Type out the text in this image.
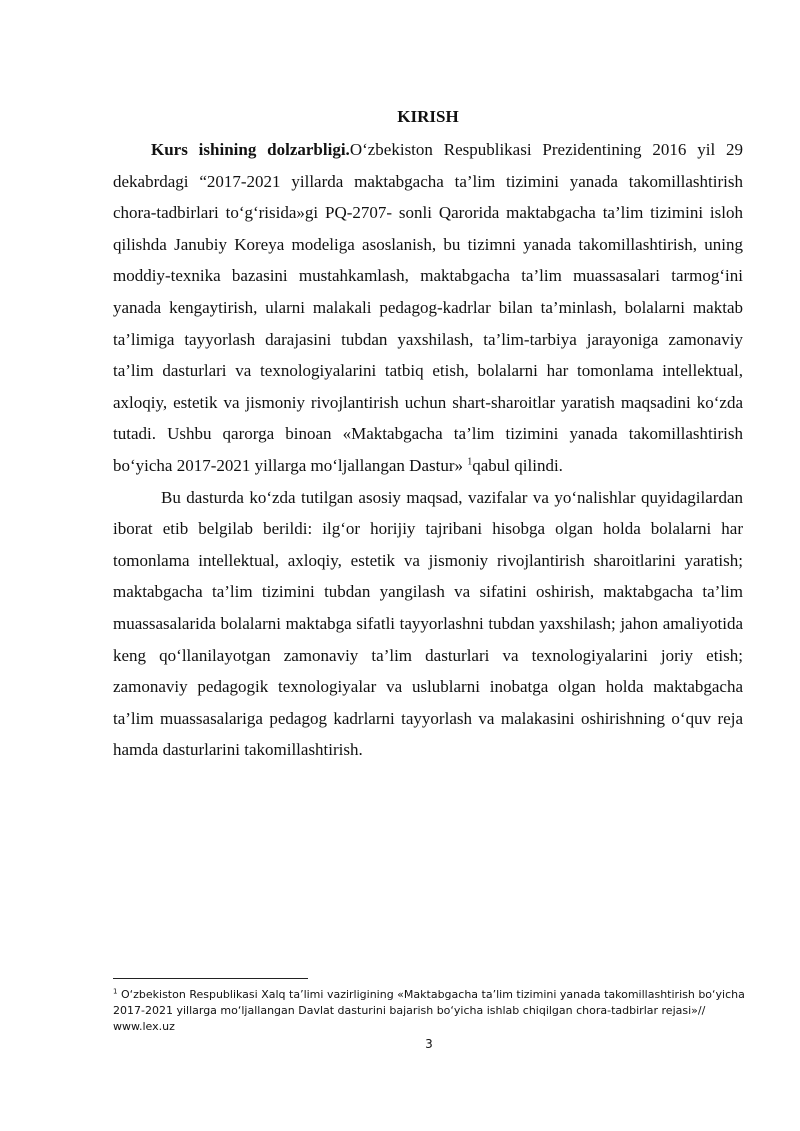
KIRISH

Kurs ishining dolzarbligi.O‘zbekiston Respublikasi Prezidentining 2016 yil 29 dekabrdagi “2017-2021 yillarda maktabgacha ta’lim tizimini yanada takomillashtirish chora-tadbirlari to‘g‘risida»gi PQ-2707- sonli Qarorida maktabgacha ta’lim tizimini isloh qilishda Janubiy Koreya modeliga asoslanish, bu tizimni yanada takomillashtirish, uning moddiy-texnika bazasini mustahkamlash, maktabgacha ta’lim muassasalari tarmog‘ini yanada kengaytirish, ularni malakali pedagog-kadrlar bilan ta’minlash, bolalarni maktab ta’limiga tayyorlash darajasini tubdan yaxshilash, ta’lim-tarbiya jarayoniga zamonaviy ta’lim dasturlari va texnologiyalarini tatbiq etish, bolalarni har tomonlama intellektual, axloqiy, estetik va jismoniy rivojlantirish uchun shart-sharoitlar yaratish maqsadini ko‘zda tutadi. Ushbu qarorga binoan «Maktabgacha ta’lim tizimini yanada takomillashtirish bo‘yicha 2017-2021 yillarga mo‘ljallangan Dastur» $^1$qabul qilindi.

Bu dasturda ko‘zda tutilgan asosiy maqsad, vazifalar va yo‘nalishlar quyidagilardan iborat etib belgilab berildi: ilg‘or horijiy tajribani hisobga olgan holda bolalarni har tomonlama intellektual, axloqiy, estetik va jismoniy rivojlantirish sharoitlarini yaratish; maktabgacha ta’lim tizimini tubdan yangilash va sifatini oshirish, maktabgacha ta’lim muassasalarida bolalarni maktabga sifatli tayyorlashni tubdan yaxshilash; jahon amaliyotida keng qo‘llanilayotgan zamonaviy ta’lim dasturlari va texnologiyalarini joriy etish; zamonaviy pedagogik texnologiyalar va uslublarni inobatga olgan holda maktabgacha ta’lim muassasalariga pedagog kadrlarni tayyorlash va malakasini oshirishning o‘quv reja hamda dasturlarini takomillashtirish.

$^1$ O‘zbekiston Respublikasi Xalq ta’limi vazirligining «Maktabgacha ta’lim tizimini yanada takomillashtirish bo‘yicha 2017-2021 yillarga mo‘ljallangan Davlat dasturini bajarish bo‘yicha ishlab chiqilgan chora-tadbirlar rejasi»// www.lex.uz
3
